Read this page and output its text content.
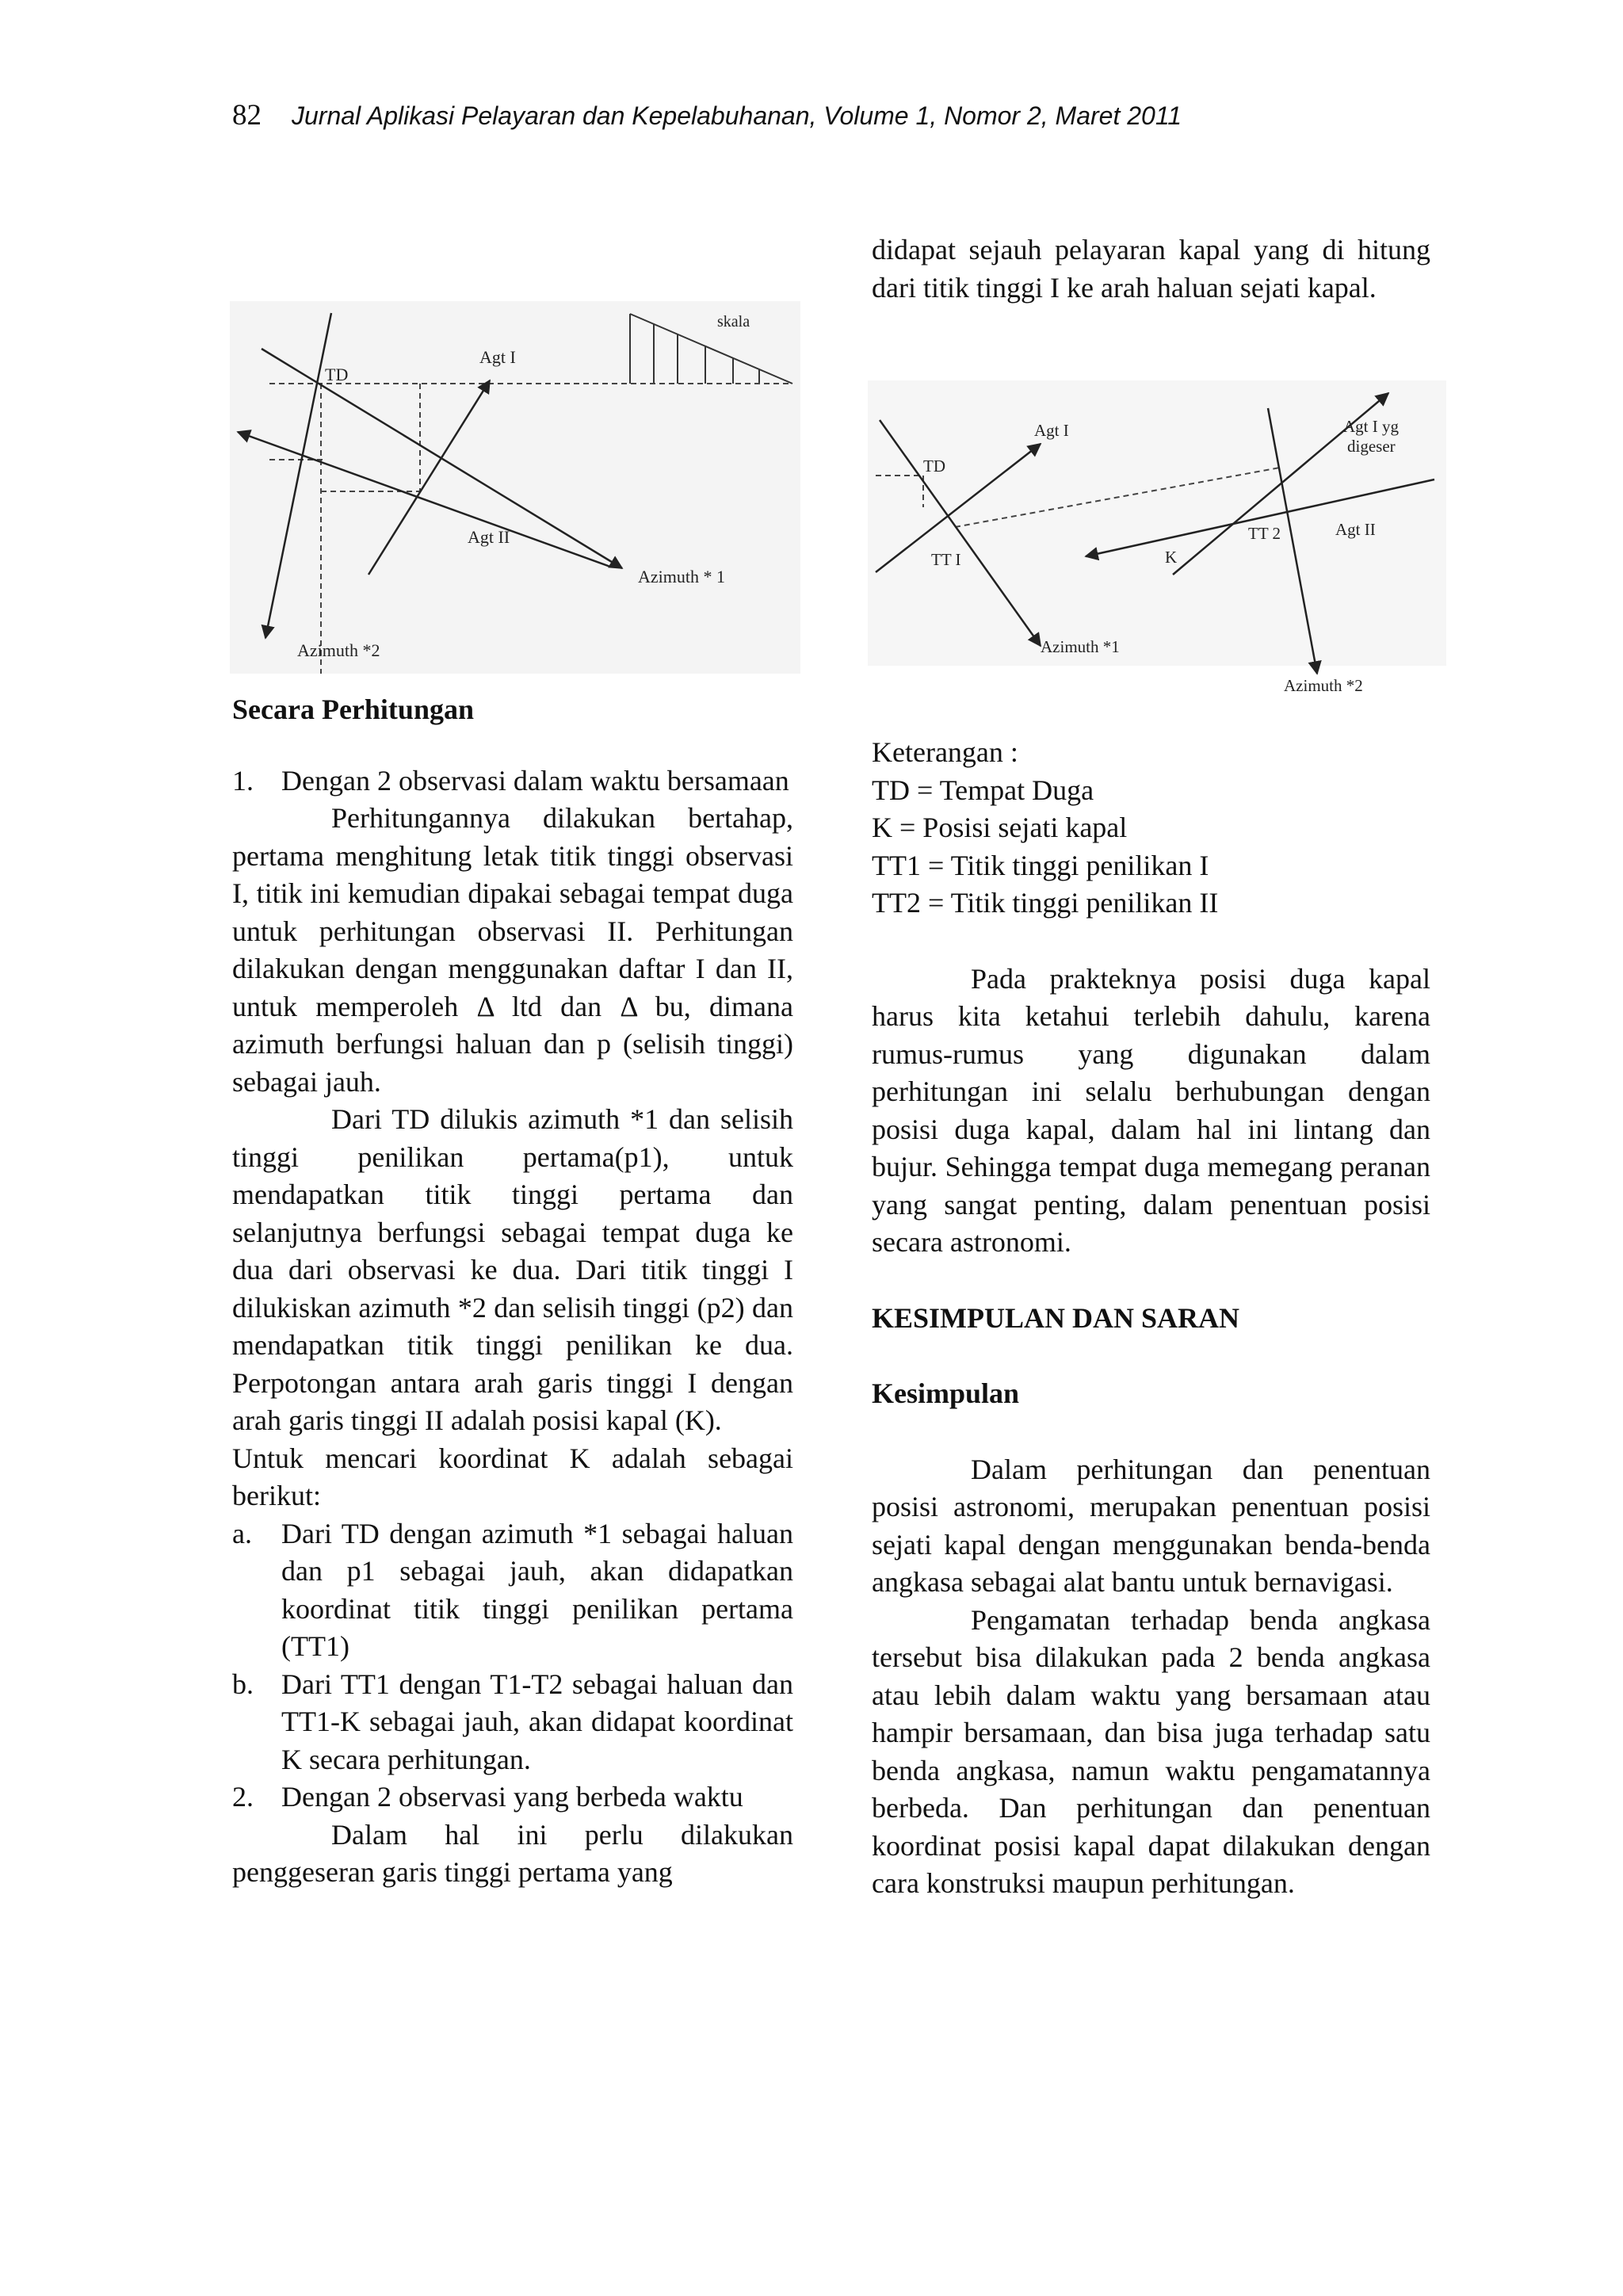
82 Jurnal Aplikasi Pelayaran dan Kepelabuhanan, Volume 1, Nomor 2, Maret 2011
TD
Agt I
Agt II
skala
Azimuth * 1
Azimuth *2
TD
Agt I	Agt I yg
digeser
Agt II
TT I
TT 2
K
Azimuth *1
Azimuth *2

Secara Perhitungan

1. Dengan 2 observasi dalam waktu bersamaan

Perhitungannya dilakukan bertahap, pertama menghitung letak titik tinggi observasi I, titik ini kemudian dipakai sebagai tempat duga untuk perhitungan observasi II. Perhitungan dilakukan dengan menggunakan daftar I dan II, untuk memperoleh Δ ltd dan Δ bu, dimana azimuth berfungsi haluan dan p (selisih tinggi) sebagai jauh.

Dari TD dilukis azimuth *1 dan selisih tinggi penilikan pertama(p1), untuk mendapatkan titik tinggi pertama dan selanjutnya berfungsi sebagai tempat duga ke dua dari observasi ke dua. Dari titik tinggi I dilukiskan azimuth *2 dan selisih tinggi (p2) dan mendapatkan titik tinggi penilikan ke dua. Perpotongan antara arah garis tinggi I dengan arah garis tinggi II adalah posisi kapal (K).

Untuk mencari koordinat K adalah sebagai berikut:

a.	Dari TD dengan azimuth *1 sebagai haluan dan p1 sebagai jauh, akan didapatkan koordinat titik tinggi penilikan pertama (TT1)
b. Dari TT1 dengan T1-T2 sebagai haluan dan TT1-K sebagai jauh, akan didapat koordinat K secara perhitungan.
2. Dengan 2 observasi yang berbeda waktu

Dalam hal ini perlu dilakukan penggeseran garis tinggi pertama yang

didapat sejauh pelayaran kapal yang di hitung dari titik tinggi I ke arah haluan sejati kapal.

Keterangan :

TD = Tempat Duga

K = Posisi sejati kapal

TT1 = Titik tinggi penilikan I

TT2 = Titik tinggi penilikan II

Pada prakteknya posisi duga kapal harus kita ketahui terlebih dahulu, karena rumus-rumus yang digunakan dalam perhitungan ini selalu berhubungan dengan posisi duga kapal, dalam hal ini lintang dan bujur. Sehingga tempat duga memegang peranan yang sangat penting, dalam penentuan posisi secara astronomi.

KESIMPULAN DAN SARAN

Kesimpulan

Dalam perhitungan dan penentuan posisi astronomi, merupakan penentuan posisi sejati kapal dengan menggunakan benda-benda angkasa sebagai alat bantu untuk bernavigasi.

Pengamatan terhadap benda angkasa tersebut bisa dilakukan pada 2 benda angkasa atau lebih dalam waktu yang bersamaan atau hampir bersamaan, dan bisa juga terhadap satu benda angkasa, namun waktu pengamatannya berbeda. Dan perhitungan dan penentuan koordinat posisi kapal dapat dilakukan dengan cara konstruksi maupun perhitungan.
